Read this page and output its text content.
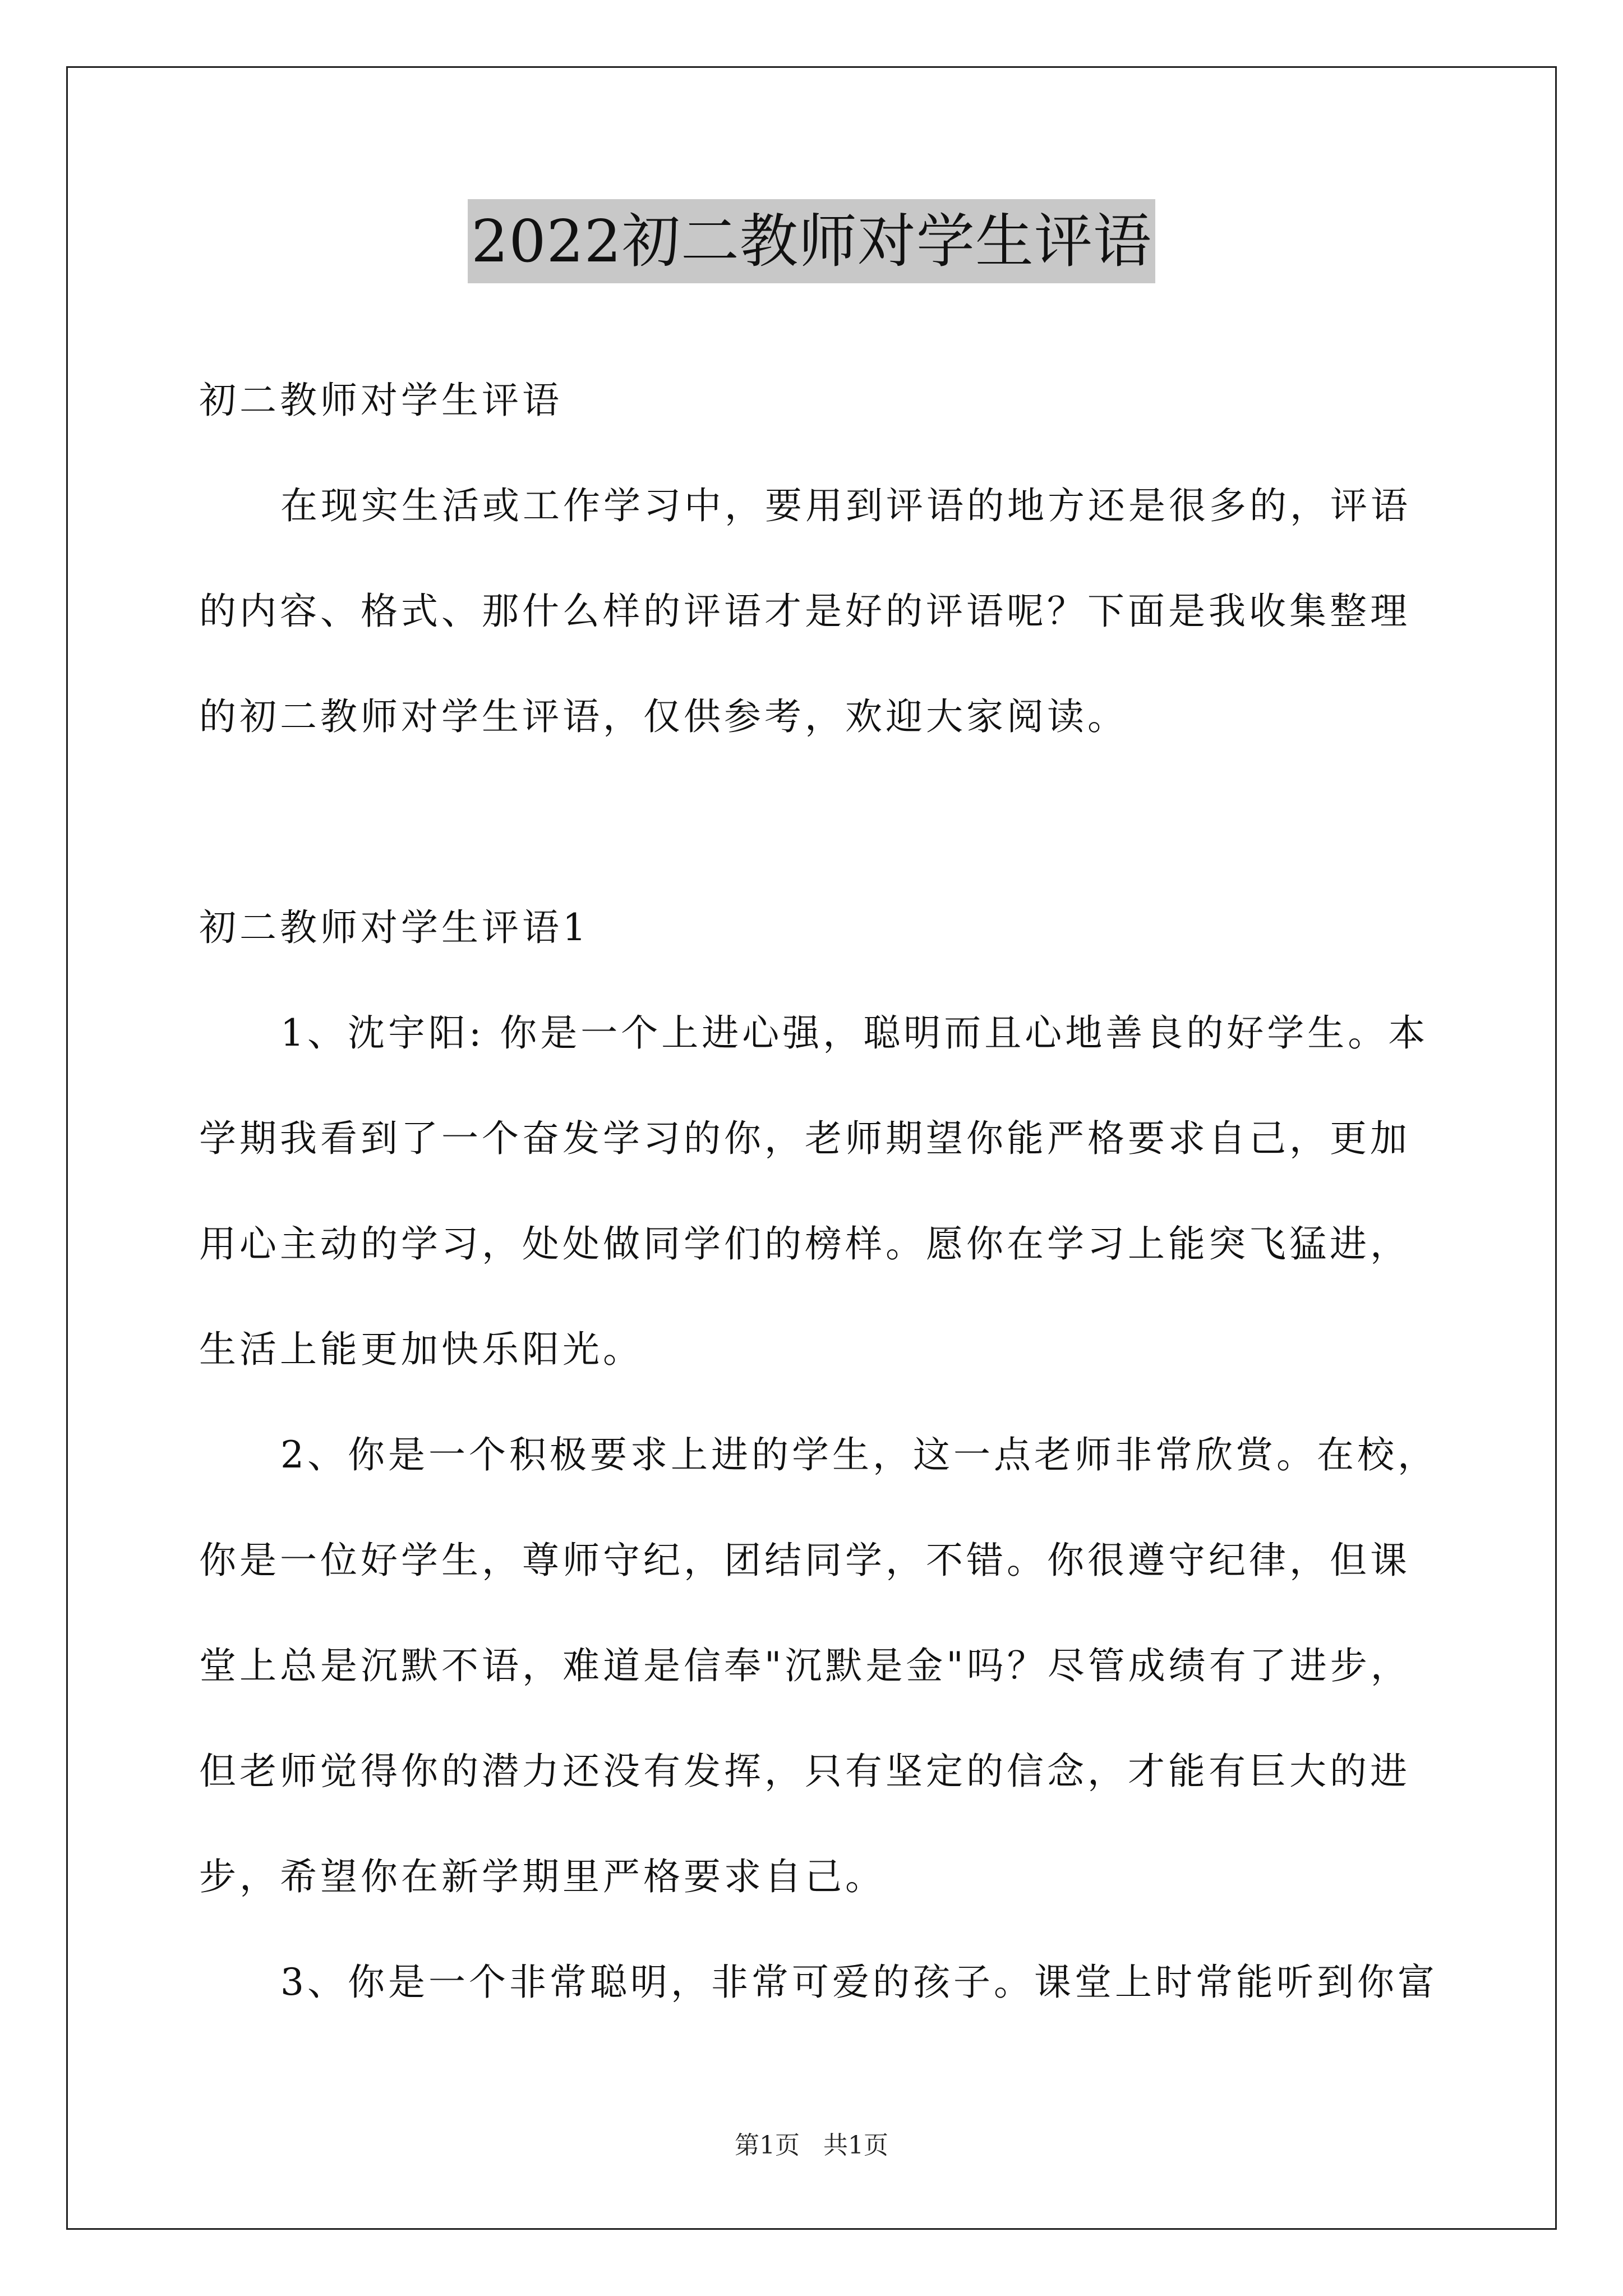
2022初二教师对学生评语
初二教师对学生评语
在现实生活或工作学习中，要用到评语的地方还是很多的，评语
的内容、格式、那什么样的评语才是好的评语呢？下面是我收集整理
的初二教师对学生评语，仅供参考，欢迎大家阅读。
初二教师对学生评语1
1、沈宇阳: 你是一个上进心强，聪明而且心地善良的好学生。本
学期我看到了一个奋发学习的你，老师期望你能严格要求自己，更加
用心主动的学习，处处做同学们的榜样。愿你在学习上能突飞猛进，
生活上能更加快乐阳光。
2、你是一个积极要求上进的学生，这一点老师非常欣赏。在校，
你是一位好学生，尊师守纪，团结同学，不错。你很遵守纪律，但课
堂上总是沉默不语，难道是信奉"沉默是金"吗？尽管成绩有了进步，
但老师觉得你的潜力还没有发挥，只有坚定的信念，才能有巨大的进
步，希望你在新学期里严格要求自己。
3、你是一个非常聪明，非常可爱的孩子。课堂上时常能听到你富
第1页   共1页
